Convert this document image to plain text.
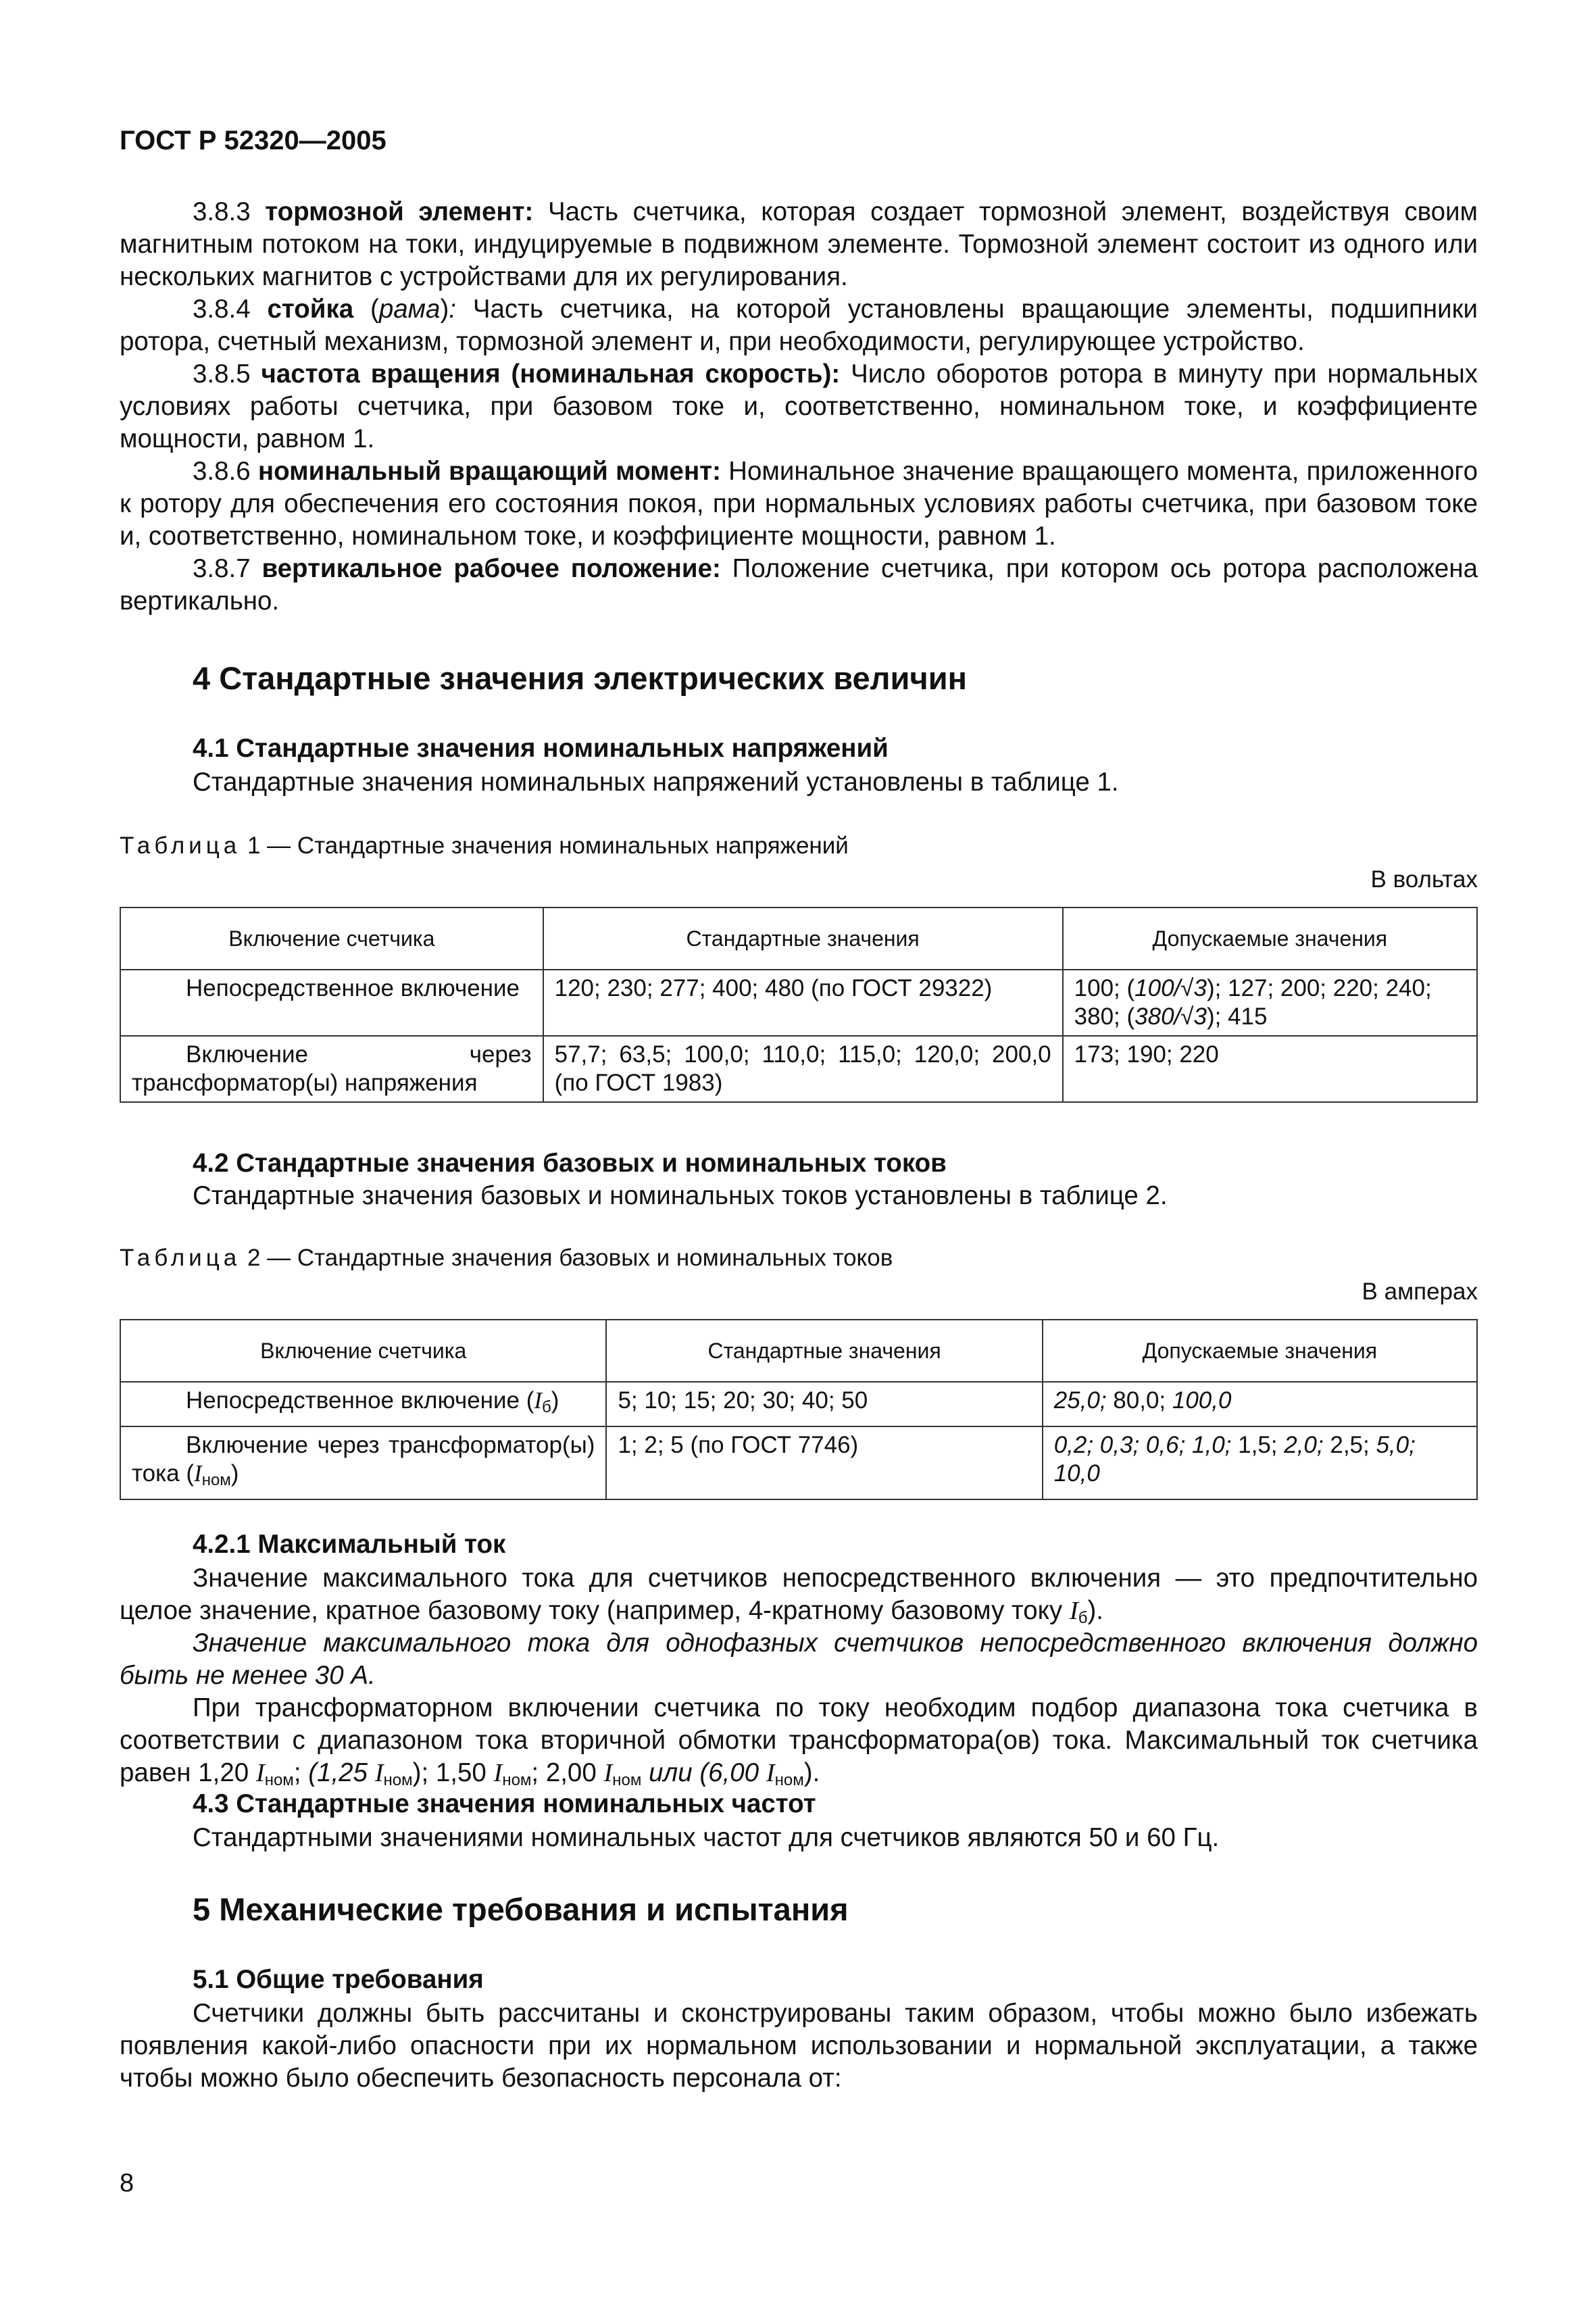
ГОСТ Р 52320—2005
3.8.3 тормозной элемент: Часть счетчика, которая создает тормозной элемент, воздействуя своим магнитным потоком на токи, индуцируемые в подвижном элементе. Тормозной элемент состоит из одного или нескольких магнитов с устройствами для их регулирования.
3.8.4 стойка (рама): Часть счетчика, на которой установлены вращающие элементы, подшипники ротора, счетный механизм, тормозной элемент и, при необходимости, регулирующее устройство.
3.8.5 частота вращения (номинальная скорость): Число оборотов ротора в минуту при нормальных условиях работы счетчика, при базовом токе и, соответственно, номинальном токе, и коэффициенте мощности, равном 1.
3.8.6 номинальный вращающий момент: Номинальное значение вращающего момента, приложенного к ротору для обеспечения его состояния покоя, при нормальных условиях работы счетчика, при базовом токе и, соответственно, номинальном токе, и коэффициенте мощности, равном 1.
3.8.7 вертикальное рабочее положение: Положение счетчика, при котором ось ротора расположена вертикально.
4 Стандартные значения электрических величин
4.1 Стандартные значения номинальных напряжений
Стандартные значения номинальных напряжений установлены в таблице 1.
Таблица 1 — Стандартные значения номинальных напряжений
В вольтах
Включение счетчика	Стандартные значения	Допускаемые значения
Непосредственное включение	120; 230; 277; 400; 480 (по ГОСТ 29322)	100; (100/√3); 127; 200; 220; 240; 380; (380/√3); 415
Включение через трансформатор(ы) напряжения	57,7; 63,5; 100,0; 110,0; 115,0; 120,0; 200,0 (по ГОСТ 1983)	173; 190; 220
4.2 Стандартные значения базовых и номинальных токов
Стандартные значения базовых и номинальных токов установлены в таблице 2.
Таблица 2 — Стандартные значения базовых и номинальных токов
В амперах
Включение счетчика	Стандартные значения	Допускаемые значения
Непосредственное включение $(I_б)$	5; 10; 15; 20; 30; 40; 50	25,0; 80,0; 100,0
Включение через трансформатор(ы) тока $(I_{ном})$	1; 2; 5 (по ГОСТ 7746)	0,2; 0,3; 0,6; 1,0; 1,5; 2,0; 2,5; 5,0; 10,0
4.2.1 Максимальный ток
Значение максимального тока для счетчиков непосредственного включения — это предпочтительно целое значение, кратное базовому току (например, 4-кратному базовому току $I_б$).
Значение максимального тока для однофазных счетчиков непосредственного включения должно быть не менее 30 А.
При трансформаторном включении счетчика по току необходим подбор диапазона тока счетчика в соответствии с диапазоном тока вторичной обмотки трансформатора(ов) тока. Максимальный ток счетчика равен 1,20 $I_{ном}$; (1,25 $I_{ном}$); 1,50 $I_{ном}$; 2,00 $I_{ном}$ или (6,00 $I_{ном}$).
4.3 Стандартные значения номинальных частот
Стандартными значениями номинальных частот для счетчиков являются 50 и 60 Гц.
5 Механические требования и испытания
5.1 Общие требования
Счетчики должны быть рассчитаны и сконструированы таким образом, чтобы можно было избежать появления какой-либо опасности при их нормальном использовании и нормальной эксплуатации, а также чтобы можно было обеспечить безопасность персонала от:
8
